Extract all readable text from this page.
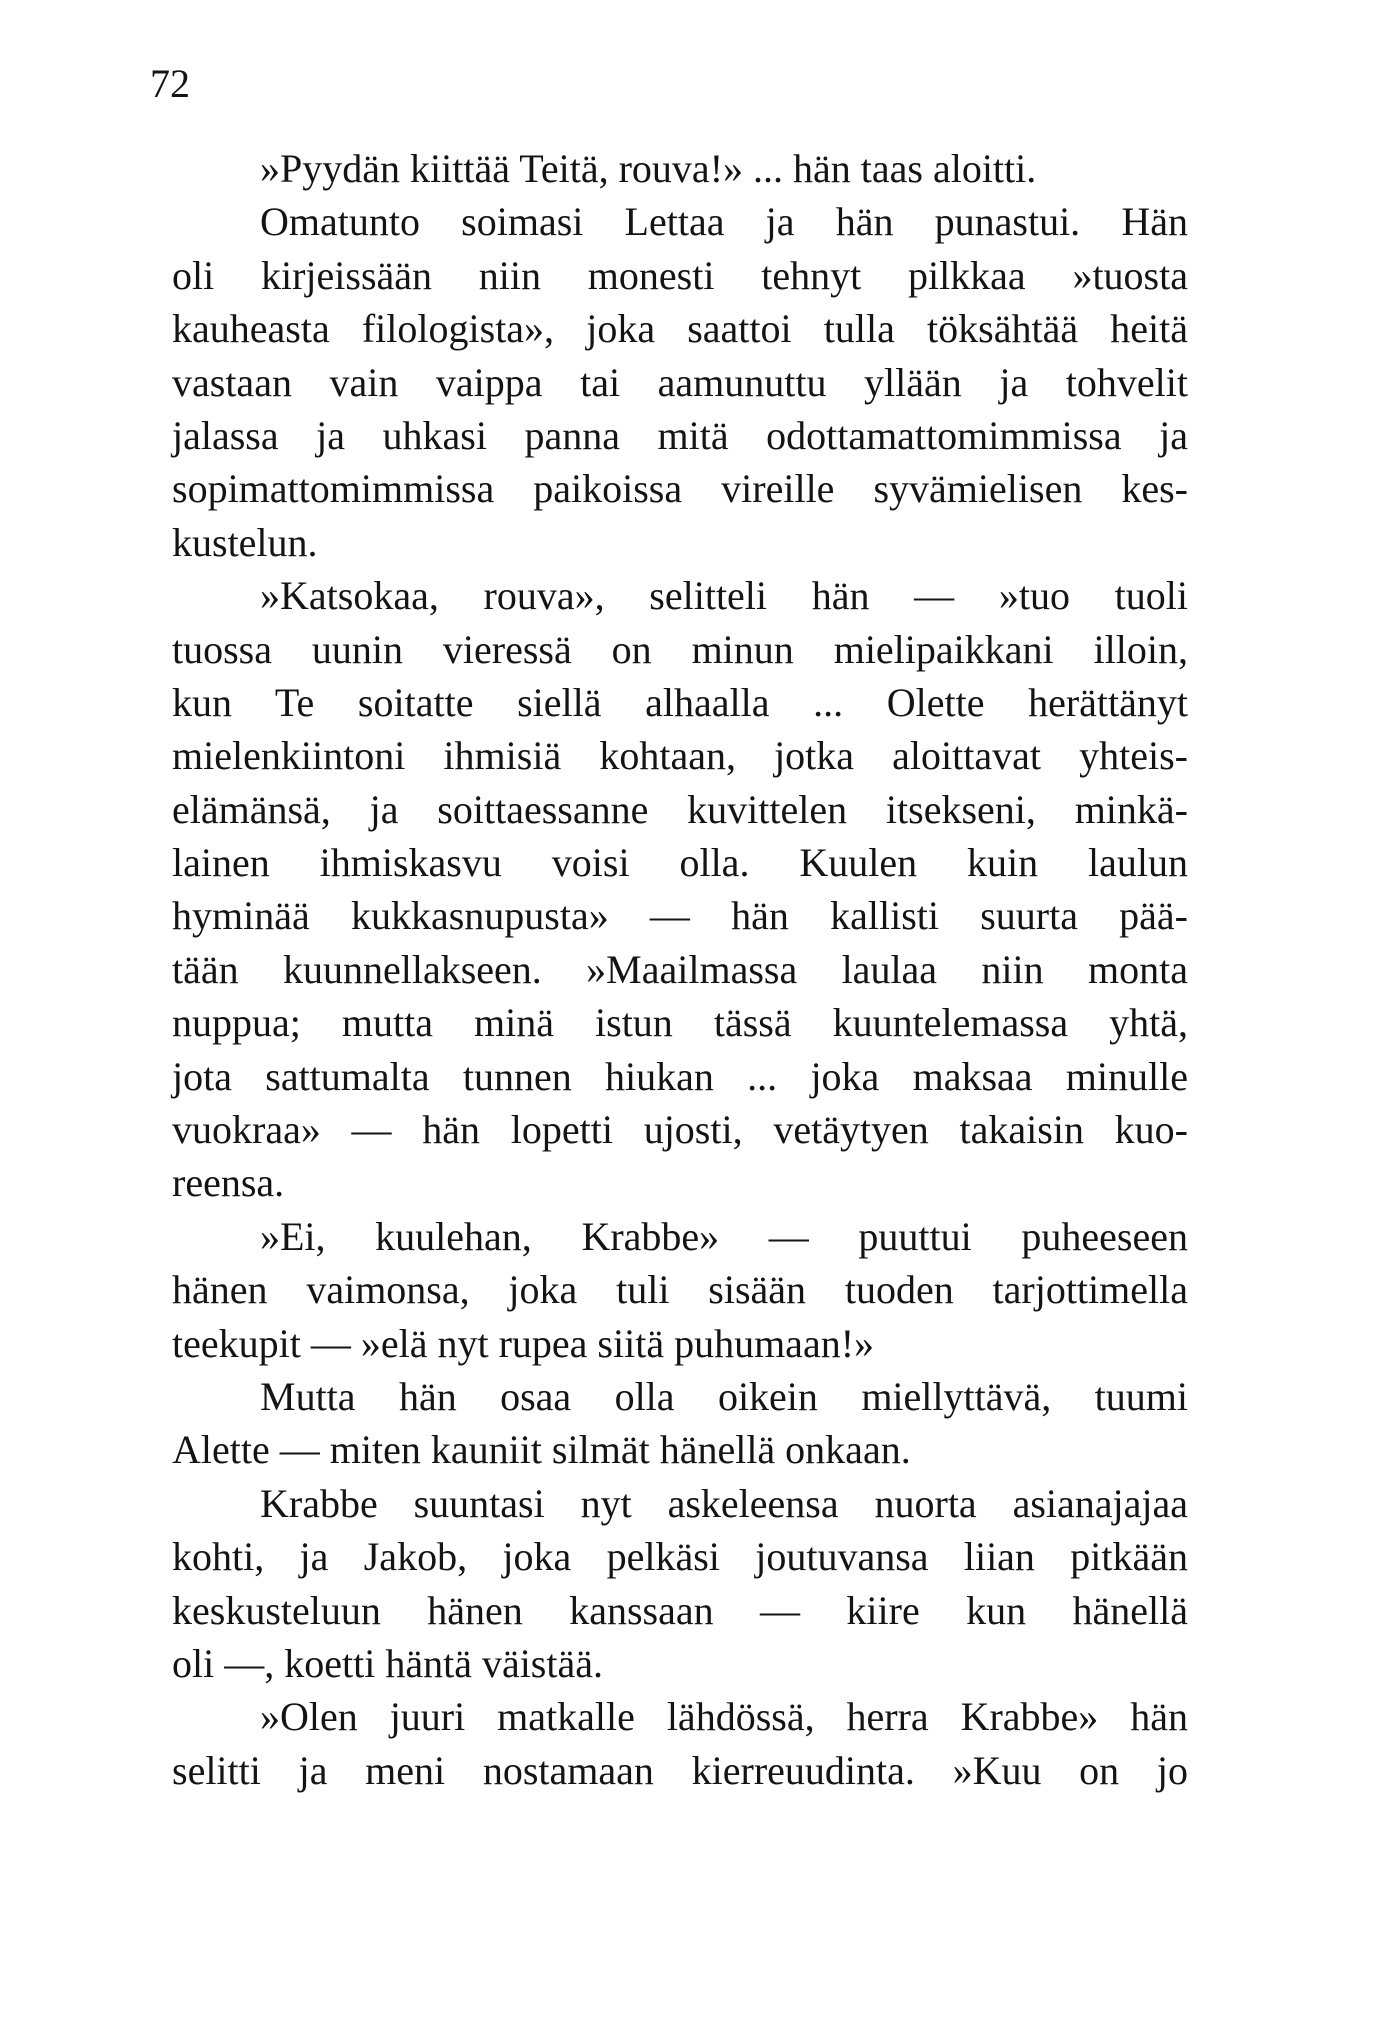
72
»Pyydän kiittää Teitä, rouva!» ... hän taas aloitti.
Omatunto soimasi Lettaa ja hän punastui. Hän
oli kirjeissään niin monesti tehnyt pilkkaa »tuosta
kauheasta filologista», joka saattoi tulla töksähtää heitä
vastaan vain vaippa tai aamunuttu yllään ja tohvelit
jalassa ja uhkasi panna mitä odottamattomimmissa ja
sopimattomimmissa paikoissa vireille syvämielisen kes-
kustelun.
»Katsokaa, rouva», selitteli hän — »tuo tuoli
tuossa uunin vieressä on minun mielipaikkani illoin,
kun Te soitatte siellä alhaalla ... Olette herättänyt
mielenkiintoni ihmisiä kohtaan, jotka aloittavat yhteis-
elämänsä, ja soittaessanne kuvittelen itsekseni, minkä-
lainen ihmiskasvu voisi olla. Kuulen kuin laulun
hyminää kukkasnupusta» — hän kallisti suurta pää-
tään kuunnellakseen. »Maailmassa laulaa niin monta
nuppua; mutta minä istun tässä kuuntelemassa yhtä,
jota sattumalta tunnen hiukan ... joka maksaa minulle
vuokraa» — hän lopetti ujosti, vetäytyen takaisin kuo-
reensa.
»Ei, kuulehan, Krabbe» — puuttui puheeseen
hänen vaimonsa, joka tuli sisään tuoden tarjottimella
teekupit — »elä nyt rupea siitä puhumaan!»
Mutta hän osaa olla oikein miellyttävä, tuumi
Alette — miten kauniit silmät hänellä onkaan.
Krabbe suuntasi nyt askeleensa nuorta asianajajaa
kohti, ja Jakob, joka pelkäsi joutuvansa liian pitkään
keskusteluun hänen kanssaan — kiire kun hänellä
oli —, koetti häntä väistää.
»Olen juuri matkalle lähdössä, herra Krabbe» hän
selitti ja meni nostamaan kierreuudinta. »Kuu on jo
